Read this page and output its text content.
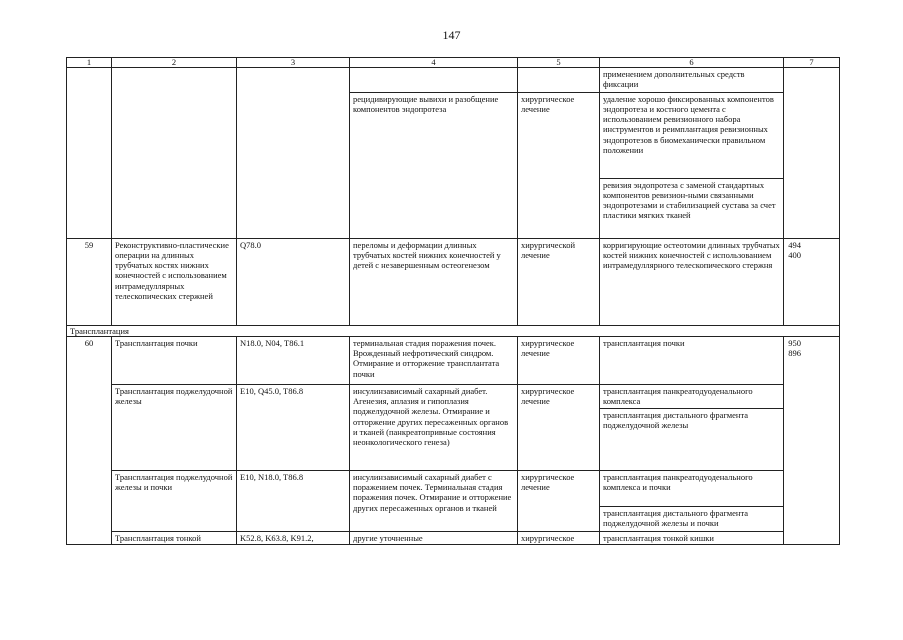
147
1	2	3	4	5	6	7
					применением дополнительных средств фиксации	
			рецидивирующие вывихи и разобщение компонентов эндопротеза	хирургическое лечение	удаление хорошо фиксированных компонентов эндопротеза и костного цемента с использованием ревизионного набора инструментов и реимплантация ревизионных эндопротезов в биомеханически правильном положении	
					ревизия эндопротеза с заменой стандартных компонентов ревизион-ными связанными эндопротезами и стабилизацией сустава за счет пластики мягких тканей	
59	Реконструктивно-пластические операции на длинных трубчатых костях нижних конечностей с использованием интрамедуллярных телескопических стержней	Q78.0	переломы и деформации длинных трубчатых костей нижних конечностей у детей с незавершенным остеогенезом	хирургической лечение	корригирующие остеотомии длинных трубчатых костей нижних конечностей с использованием интрамедуллярного телескопического стержня	494 400
Трансплантация						
60	Трансплантация почки	N18.0, N04, T86.1	терминальная стадия поражения почек. Врожденный нефротический синдром. Отмирание и отторжение трансплантата почки	хирургическое лечение	трансплантация почки	950 896
	Трансплантация поджелудочной железы	E10, Q45.0, T86.8	инсулинзависимый сахарный диабет. Агенезия, аплазия и гипоплазия поджелудочной железы. Отмирание и отторжение других пересаженных органов и тканей (панкреатопривные состояния неонкологического генеза)	хирургическое лечение	трансплантация панкреатодуоденального комплекса	
					трансплантация дистального фрагмента поджелудочной железы	
	Трансплантация поджелудочной железы и почки	E10, N18.0, T86.8	инсулинзависимый сахарный диабет с поражением почек. Терминальная стадия поражения почек. Отмирание и отторжение других пересаженных органов и тканей	хирургическое лечение	трансплантация панкреатодуоденального комплекса и почки	
					трансплантация дистального фрагмента поджелудочной железы и почки	
	Трансплантация тонкой	K52.8, K63.8, K91.2,	другие уточненные	хирургическое	трансплантация тонкой кишки	
